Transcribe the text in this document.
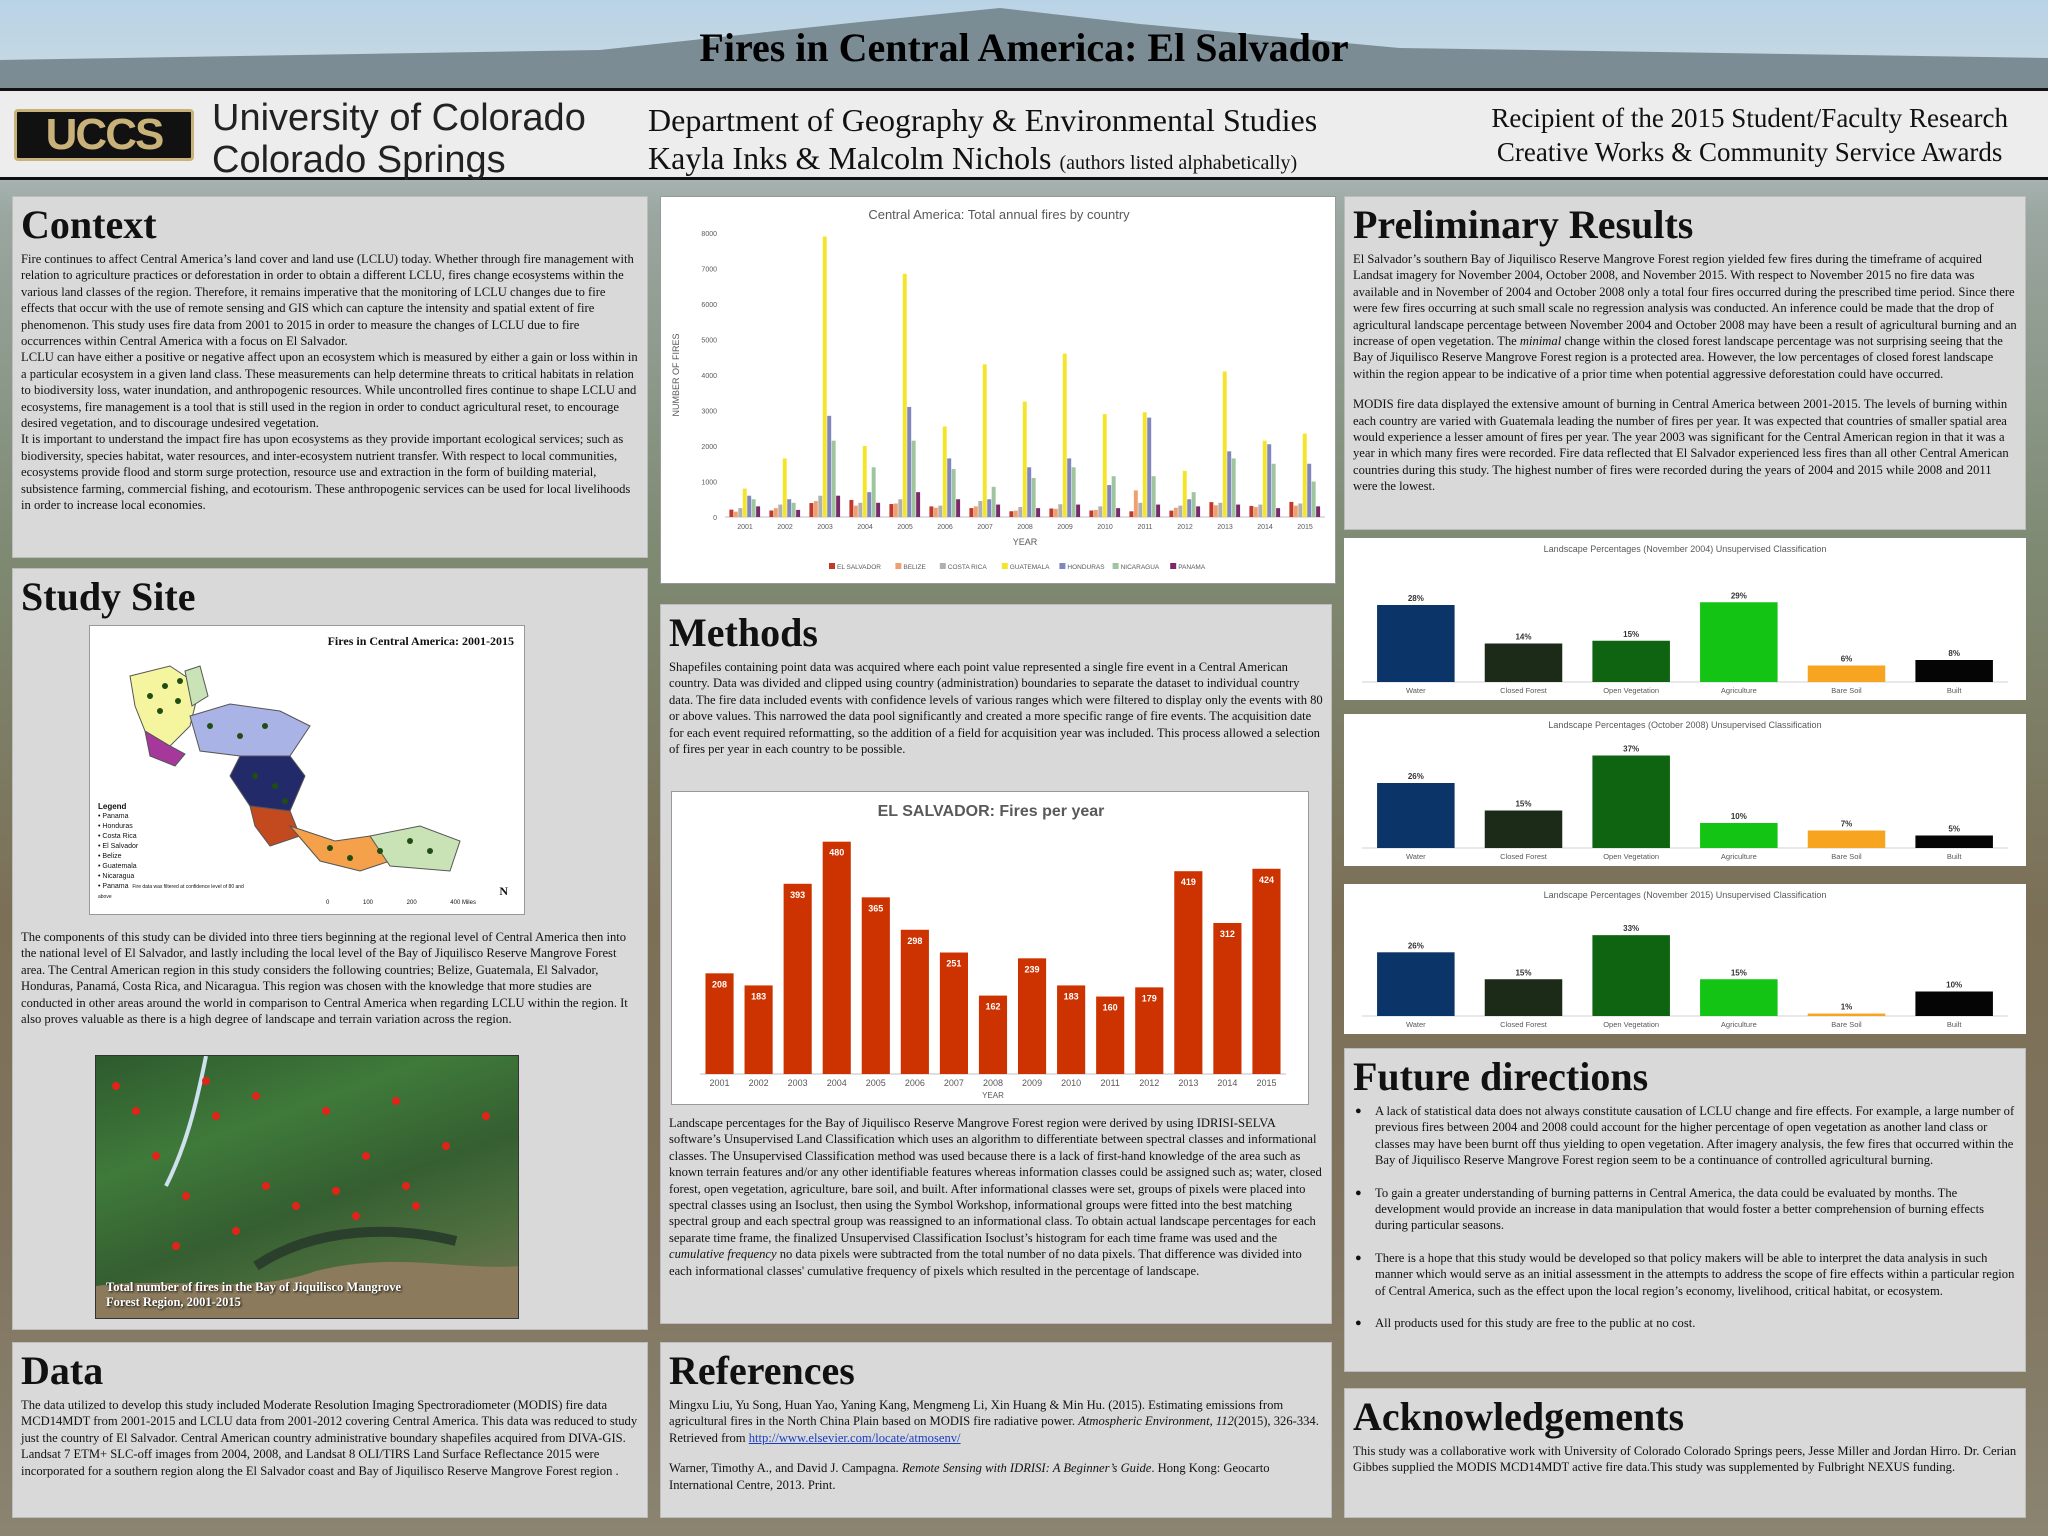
Fires in Central America: El Salvador
UCCS	University of Colorado
Colorado Springs
Department of Geography & Environmental Studies
Kayla Inks & Malcolm Nichols (authors listed alphabetically)
Recipient of the 2015 Student/Faculty Research
Creative Works & Community Service Awards
Context

Fire continues to affect Central America’s land cover and land use (LCLU) today. Whether through fire management with relation to agriculture practices or deforestation in order to obtain a different LCLU, fires change ecosystems within the various land classes of the region. Therefore, it remains imperative that the monitoring of LCLU changes due to fire effects that occur with the use of remote sensing and GIS which can capture the intensity and spatial extent of fire phenomenon. This study uses fire data from 2001 to 2015 in order to measure the changes of LCLU due to fire occurrences within Central America with a focus on El Salvador.

LCLU can have either a positive or negative affect upon an ecosystem which is measured by either a gain or loss within in a particular ecosystem in a given land class. These measurements can help determine threats to critical habitats in relation to biodiversity loss, water inundation, and anthropogenic resources. While uncontrolled fires continue to shape LCLU and ecosystems, fire management is a tool that is still used in the region in order to conduct agricultural reset, to encourage desired vegetation, and to discourage undesired vegetation.

It is important to understand the impact fire has upon ecosystems as they provide important ecological services; such as biodiversity, species habitat, water resources, and inter-ecosystem nutrient transfer. With respect to local communities, ecosystems provide flood and storm surge protection, resource use and extraction in the form of building material, subsistence farming, commercial fishing, and ecotourism. These anthropogenic services can be used for local livelihoods in order to increase local economies.

Study Site
Fires in Central America: 2001-2015
Legend
• Panama
• Honduras
• Costa Rica
• El Salvador
• Belize
• Guatemala
• Nicaragua
• Panama Fire data was filtered at confidence level of 80 and above
0	100	200	400 Miles
N

The components of this study can be divided into three tiers beginning at the regional level of Central America then into the national level of El Salvador, and lastly including the local level of the Bay of Jiquilisco Reserve Mangrove Forest area. The Central American region in this study considers the following countries; Belize, Guatemala, El Salvador, Honduras, Panamá, Costa Rica, and Nicaragua. This region was chosen with the knowledge that more studies are conducted in other areas around the world in comparison to Central America when regarding LCLU within the region. It also proves valuable as there is a high degree of landscape and terrain variation across the region.

Total number of fires in the Bay of Jiquilisco Mangrove
Forest Region, 2001-2015
Data

The data utilized to develop this study included Moderate Resolution Imaging Spectroradiometer (MODIS) fire data MCD14MDT from 2001-2015 and LCLU data from 2001-2012 covering Central America. This data was reduced to study just the country of El Salvador. Central American country administrative boundary shapefiles acquired from DIVA-GIS.

Landsat 7 ETM+ SLC-off images from 2004, 2008, and Landsat 8 OLI/TIRS Land Surface Reflectance 2015 were incorporated for a southern region along the El Salvador coast and Bay of Jiquilisco Reserve Mangrove Forest region .

Central America: Total annual fires by country
0
1000
2000
3000
4000
5000
6000
7000
8000
NUMBER OF FIRES
2001	2002	2003	2004	2005	2006	2007	2008	2009	2010	2011	2012	2013	2014	2015
YEAR
EL SALVADOR	BELIZE	COSTA RICA	GUATEMALA	HONDURAS NICARAGUA	PANAMA
Methods

Shapefiles containing point data was acquired where each point value represented a single fire event in a Central American country. Data was divided and clipped using country (administration) boundaries to separate the dataset to individual country data. The fire data included events with confidence levels of various ranges which were filtered to display only the events with 80 or above values. This narrowed the data pool significantly and created a more specific range of fire events. The acquisition date for each event required reformatting, so the addition of a field for acquisition year was included. This process allowed a selection of fires per year in each country to be possible.

EL SALVADOR: Fires per year
208
2001
183
2002
393
2003
480
2004
365
2005
298
2006
251
2007
162
2008
239
2009
183
2010
160
2011
179
2012
419
2013
312
2014
424
2015
YEAR

Landscape percentages for the Bay of Jiquilisco Reserve Mangrove Forest region were derived by using IDRISI-SELVA software’s Unsupervised Land Classification which uses an algorithm to differentiate between spectral classes and informational classes. The Unsupervised Classification method was used because there is a lack of first-hand knowledge of the area such as known terrain features and/or any other identifiable features whereas information classes could be assigned such as; water, closed forest, open vegetation, agriculture, bare soil, and built. After informational classes were set, groups of pixels were placed into spectral classes using an Isoclust, then using the Symbol Workshop, informational groups were fitted into the best matching spectral group and each spectral group was reassigned to an informational class. To obtain actual landscape percentages for each separate time frame, the finalized Unsupervised Classification Isoclust’s histogram for each time frame was used and the cumulative frequency no data pixels were subtracted from the total number of no data pixels. That difference was divided into each informational classes' cumulative frequency of pixels which resulted in the percentage of landscape.

References

Mingxu Liu, Yu Song, Huan Yao, Yaning Kang, Mengmeng Li, Xin Huang & Min Hu. (2015). Estimating emissions from agricultural fires in the North China Plain based on MODIS fire radiative power. Atmospheric Environment, 112(2015), 326-334. Retrieved from http://www.elsevier.com/locate/atmosenv/

Warner, Timothy A., and David J. Campagna. Remote Sensing with IDRISI: A Beginner’s Guide. Hong Kong: Geocarto International Centre, 2013. Print.

Preliminary Results

El Salvador’s southern Bay of Jiquilisco Reserve Mangrove Forest region yielded few fires during the timeframe of acquired Landsat imagery for November 2004, October 2008, and November 2015. With respect to November 2015 no fire data was available and in November of 2004 and October 2008 only a total four fires occurred during the prescribed time period. Since there were few fires occurring at such small scale no regression analysis was conducted. An inference could be made that the drop of agricultural landscape percentage between November 2004 and October 2008 may have been a result of agricultural burning and an increase of open vegetation. The minimal change within the closed forest landscape percentage was not surprising seeing that the Bay of Jiquilisco Reserve Mangrove Forest region is a protected area. However, the low percentages of closed forest landscape within the region appear to be indicative of a prior time when potential aggressive deforestation could have occurred.

MODIS fire data displayed the extensive amount of burning in Central America between 2001-2015. The levels of burning within each country are varied with Guatemala leading the number of fires per year. It was expected that countries of smaller spatial area would experience a lesser amount of fires per year. The year 2003 was significant for the Central American region in that it was a year in which many fires were recorded. Fire data reflected that El Salvador experienced less fires than all other Central American countries during this study. The highest number of fires were recorded during the years of 2004 and 2015 while 2008 and 2011 were the lowest.

Landscape Percentages (November 2004) Unsupervised Classification
28%
Water
14%
Closed Forest
15%
Open Vegetation
29%
Agriculture
6%
Bare Soil
8%
Built
Landscape Percentages (October 2008) Unsupervised Classification
26%
Water
15%
Closed Forest
37%
Open Vegetation
10%
Agriculture
7%
Bare Soil
5%
Built
Landscape Percentages (November 2015) Unsupervised Classification
26%
Water
15%
Closed Forest
33%
Open Vegetation
15%
Agriculture
1%
Bare Soil
10%
Built
Future directions
● A lack of statistical data does not always constitute causation of LCLU change and fire effects. For example, a large number of previous fires between 2004 and 2008 could account for the higher percentage of open vegetation as another land class or classes may have been burnt off thus yielding to open vegetation. After imagery analysis, the few fires that occurred within the Bay of Jiquilisco Reserve Mangrove Forest region seem to be a continuance of controlled agricultural burning.
● To gain a greater understanding of burning patterns in Central America, the data could be evaluated by months. The development would provide an increase in data manipulation that would foster a better comprehension of burning effects during particular seasons.
● There is a hope that this study would be developed so that policy makers will be able to interpret the data analysis in such manner which would serve as an initial assessment in the attempts to address the scope of fire effects within a particular region of Central America, such as the effect upon the local region’s economy, livelihood, critical habitat, or ecosystem.
● All products used for this study are free to the public at no cost.
Acknowledgements

This study was a collaborative work with University of Colorado Colorado Springs peers, Jesse Miller and Jordan Hirro. Dr. Cerian Gibbes supplied the MODIS MCD14MDT active fire data.This study was supplemented by Fulbright NEXUS funding.
